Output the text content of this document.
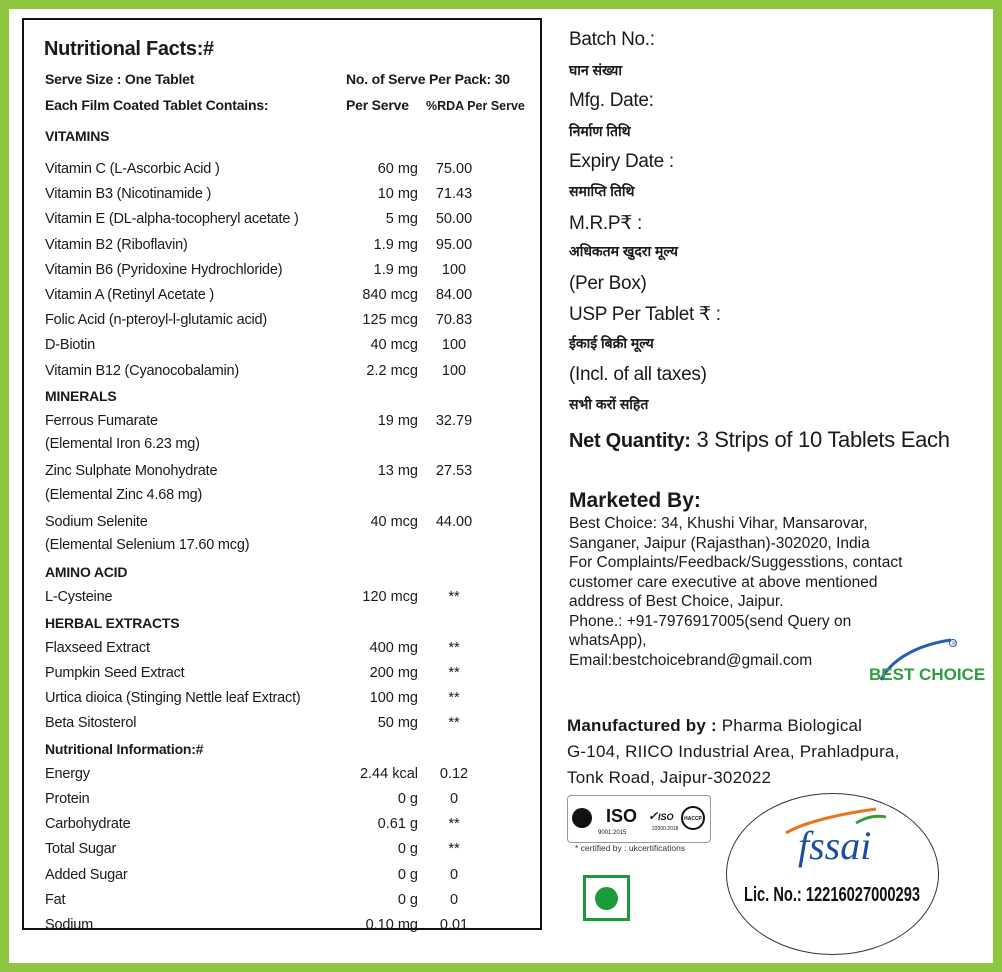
Nutritional Facts:#
Serve Size : One Tablet	No. of Serve Per Pack: 30
Each Film Coated Tablet Contains:	Per Serve %RDA Per Serve
VITAMINS
Vitamin C (L-Ascorbic Acid )	60 mg	75.00
Vitamin B3 (Nicotinamide )	10 mg	71.43
Vitamin E (DL-alpha-tocopheryl acetate )	5 mg	50.00
Vitamin B2 (Riboflavin)	1.9 mg	95.00
Vitamin B6 (Pyridoxine Hydrochloride)	1.9 mg	100
Vitamin A (Retinyl Acetate )	840 mcg	84.00
Folic Acid (n-pteroyl-l-glutamic acid)	125 mcg	70.83
D-Biotin	40 mcg	100
Vitamin B12 (Cyanocobalamin)	2.2 mcg	100
MINERALS
Ferrous Fumarate	19 mg	32.79
(Elemental Iron 6.23 mg)
Zinc Sulphate Monohydrate	13 mg	27.53
(Elemental Zinc 4.68 mg)
Sodium Selenite	40 mcg	44.00
(Elemental Selenium 17.60 mcg)
AMINO ACID
L-Cysteine	120 mcg	**
HERBAL EXTRACTS
Flaxseed Extract	400 mg	**
Pumpkin Seed Extract	200 mg	**
Urtica dioica (Stinging Nettle leaf Extract)	100 mg	**
Beta Sitosterol	50 mg	**
Nutritional Information:#
Energy	2.44 kcal	0.12
Protein	0 g	0
Carbohydrate	0.61 g	**
Total Sugar	0 g	**
Added Sugar	0 g	0
Fat	0 g	0
Sodium	0.10 mg	0.01
Batch No.:
घान संख्या
Mfg. Date:
निर्माण तिथि
Expiry Date :
समाप्ति तिथि
M.R.P₹ :
अधिकतम खुदरा मूल्य
(Per Box)
USP Per Tablet ₹ :
ईकाई बिक्री मूल्य
(Incl. of all taxes)
सभी करों सहित
Net Quantity: 3 Strips of 10 Tablets Each
Marketed By:
Best Choice: 34, Khushi Vihar, Mansarovar,
Sanganer, Jaipur (Rajasthan)-302020, India
For Complaints/Feedback/Suggesstions, contact
customer care executive at above mentioned
address of Best Choice, Jaipur.
Phone.: +91-7976917005(send Query on
whatsApp),
Email:bestchoicebrand@gmail.com
R
BEST CHOICE
Manufactured by : Pharma Biological
G-104, RIICO Industrial Area, Prahladpura,
Tonk Road, Jaipur-302022
ISO
9001:2015
✓ ISO
22000:2018
HACCP
* certified by : ukcertifications	fssai
Lic. No.: 12216027000293
